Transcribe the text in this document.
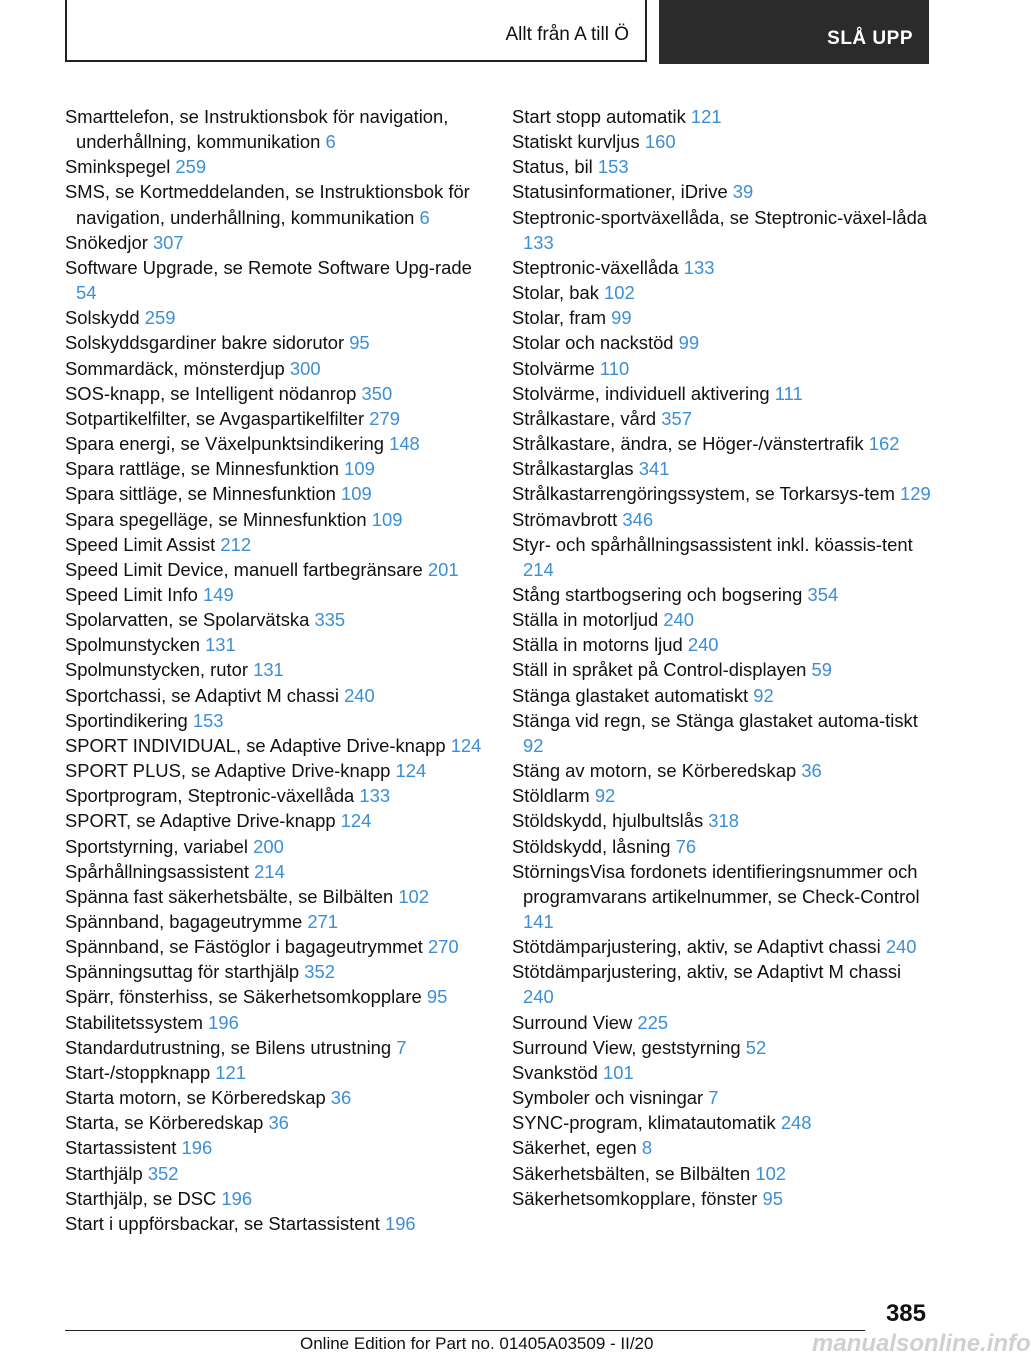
Allt från A till Ö	SLÅ UPP
Smarttelefon, se Instruktionsbok för navigation, underhållning, kommunikation 6
Sminkspegel 259
SMS, se Kortmeddelanden, se Instruktionsbok för navigation, underhållning, kommunikation 6
Snökedjor 307
Software Upgrade, se Remote Software Upg‐rade 54
Solskydd 259
Solskyddsgardiner bakre sidorutor 95
Sommardäck, mönsterdjup 300
SOS-knapp, se Intelligent nödanrop 350
Sotpartikelfilter, se Avgaspartikelfilter 279
Spara energi, se Växelpunktsindikering 148
Spara rattläge, se Minnesfunktion 109
Spara sittläge, se Minnesfunktion 109
Spara spegelläge, se Minnesfunktion 109
Speed Limit Assist 212
Speed Limit Device, manuell fartbegränsare 201
Speed Limit Info 149
Spolarvatten, se Spolarvätska 335
Spolmunstycken 131
Spolmunstycken, rutor 131
Sportchassi, se Adaptivt M chassi 240
Sportindikering 153
SPORT INDIVIDUAL, se Adaptive Drive-knapp 124
SPORT PLUS, se Adaptive Drive-knapp 124
Sportprogram, Steptronic-växellåda 133
SPORT, se Adaptive Drive-knapp 124
Sportstyrning, variabel 200
Spårhållningsassistent 214
Spänna fast säkerhetsbälte, se Bilbälten 102
Spännband, bagageutrymme 271
Spännband, se Fästöglor i bagageutrymmet 270
Spänningsuttag för starthjälp 352
Spärr, fönsterhiss, se Säkerhetsomkopplare 95
Stabilitetssystem 196
Standardutrustning, se Bilens utrustning 7
Start-/stoppknapp 121
Starta motorn, se Körberedskap 36
Starta, se Körberedskap 36
Startassistent 196
Starthjälp 352
Starthjälp, se DSC 196
Start i uppförsbackar, se Startassistent 196
Start stopp automatik 121
Statiskt kurvljus 160
Status, bil 153
Statusinformationer, iDrive 39
Steptronic-sportväxellåda, se Steptronic-växel‐låda 133
Steptronic-växellåda 133
Stolar, bak 102
Stolar, fram 99
Stolar och nackstöd 99
Stolvärme 110
Stolvärme, individuell aktivering 111
Strålkastare, vård 357
Strålkastare, ändra, se Höger-/vänstertrafik 162
Strålkastarglas 341
Strålkastarrengöringssystem, se Torkarsys‐tem 129
Strömavbrott 346
Styr- och spårhållningsassistent inkl. köassis‐tent 214
Stång startbogsering och bogsering 354
Ställa in motorljud 240
Ställa in motorns ljud 240
Ställ in språket på Control-displayen 59
Stänga glastaket automatiskt 92
Stänga vid regn, se Stänga glastaket automa‐tiskt 92
Stäng av motorn, se Körberedskap 36
Stöldlarm 92
Stöldskydd, hjulbultslås 318
Stöldskydd, låsning 76
StörningsVisa fordonets identifieringsnummer och programvarans artikelnummer, se Check-Control 141
Stötdämparjustering, aktiv, se Adaptivt chassi 240
Stötdämparjustering, aktiv, se Adaptivt M chassi 240
Surround View 225
Surround View, geststyrning 52
Svankstöd 101
Symboler och visningar 7
SYNC-program, klimatautomatik 248
Säkerhet, egen 8
Säkerhetsbälten, se Bilbälten 102
Säkerhetsomkopplare, fönster 95
385
Online Edition for Part no. 01405A03509 - II/20	manualsonline.info
